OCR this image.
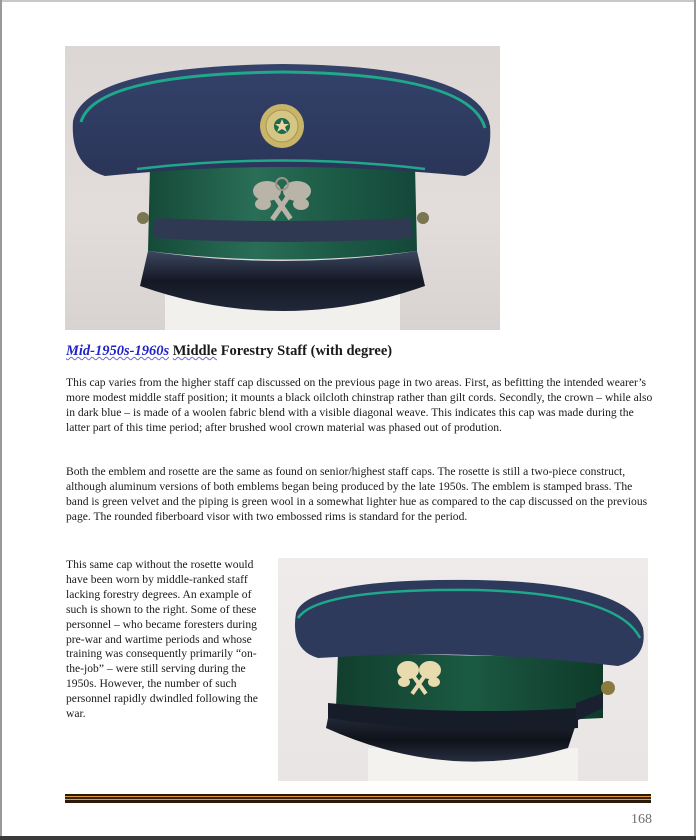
Mid-1950s-1960s Middle Forestry Staff (with degree)

This cap varies from the higher staff cap discussed on the previous page in two areas. First, as befitting the intended wearer’s more modest middle staff position; it mounts a black oilcloth chinstrap rather than gilt cords. Secondly, the crown – while also in dark blue – is made of a woolen fabric blend with a visible diagonal weave. This indicates this cap was made during the latter part of this time period; after brushed wool crown material was phased out of prodution.

Both the emblem and rosette are the same as found on senior/highest staff caps. The rosette is still a two-piece construct, although aluminum versions of both emblems began being produced by the late 1950s. The emblem is stamped brass. The band is green velvet and the piping is green wool in a somewhat lighter hue as compared to the cap discussed on the previous page. The rounded fiberboard visor with two embossed rims is standard for the period.

This same cap without the rosette would have been worn by middle-ranked staff lacking forestry degrees. An example of such is shown to the right. Some of these personnel – who became foresters during pre-war and wartime periods and whose training was consequently primarily “on-the-job” – were still serving during the 1950s. However, the number of such personnel rapidly dwindled following the war.

168
